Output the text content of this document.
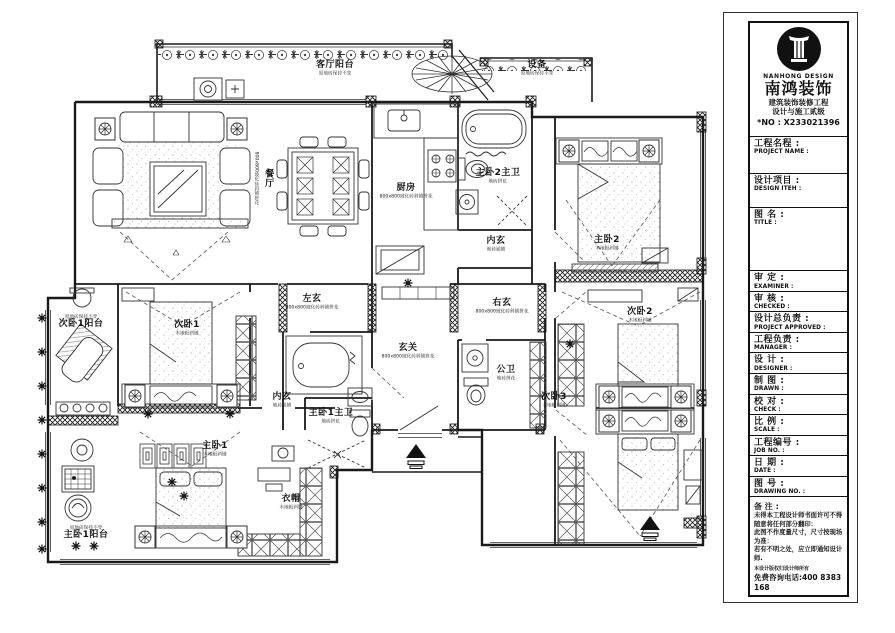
客厅阳台
原地砖保持不变
设备
原地砖保持不变
餐厅
800x800玻化砖斜铺拼花	厨房
800x800玻化砖斜铺拼花
主卧2主卫
地砖拼花
内玄
地砖通铺
主卧2
木地板斜铺
左玄
800x800玻化砖斜铺拼花
玄关
800x800玻化砖斜铺拼花
右玄
800x800玻化砖斜铺拼花
公卫
地砖拼花
次卧1
木地板斜铺
次卧1阳台
原地砖保持不变
主卧1
木地板斜铺
内玄
地砖通铺
主卧1主卫
地砖拼花
衣帽
木地板斜铺
主卧1阳台
原地砖保持不变
次卧2
木地板斜铺
次卧3
木地板斜铺
NANHONG DESIGN
南鸿装饰
建筑装饰装修工程
设计与施工贰级
*NO : X233021396
工程名程 :
PROJECT NAME :
设计项目 :
DESIGN ITEH :
图 名 :
TITLE :
审 定 :
EXAMINER :
审 核 :
CHECKED :
设计总负责 :
PROJECT APPROVED :
工程负责 :
MANAGER :
设 计 :
DESIGNER :
制 图 :
DRAWN :
校 对 :
CHECK :
比 例 :
SCALE :
工程编号 :
JOB NO. :
日 期 :
DATE :
图 号 :
DRAWING NO. :
备 注 :
未得本工程设计师书面许可不得
随意将任何部分翻印：
此图不作度量尺寸，尺寸按现场
为准：
若有不明之处，应立即通知设计
师.
本设计版权归设计师所有
免费咨询电话:400 8383 168
